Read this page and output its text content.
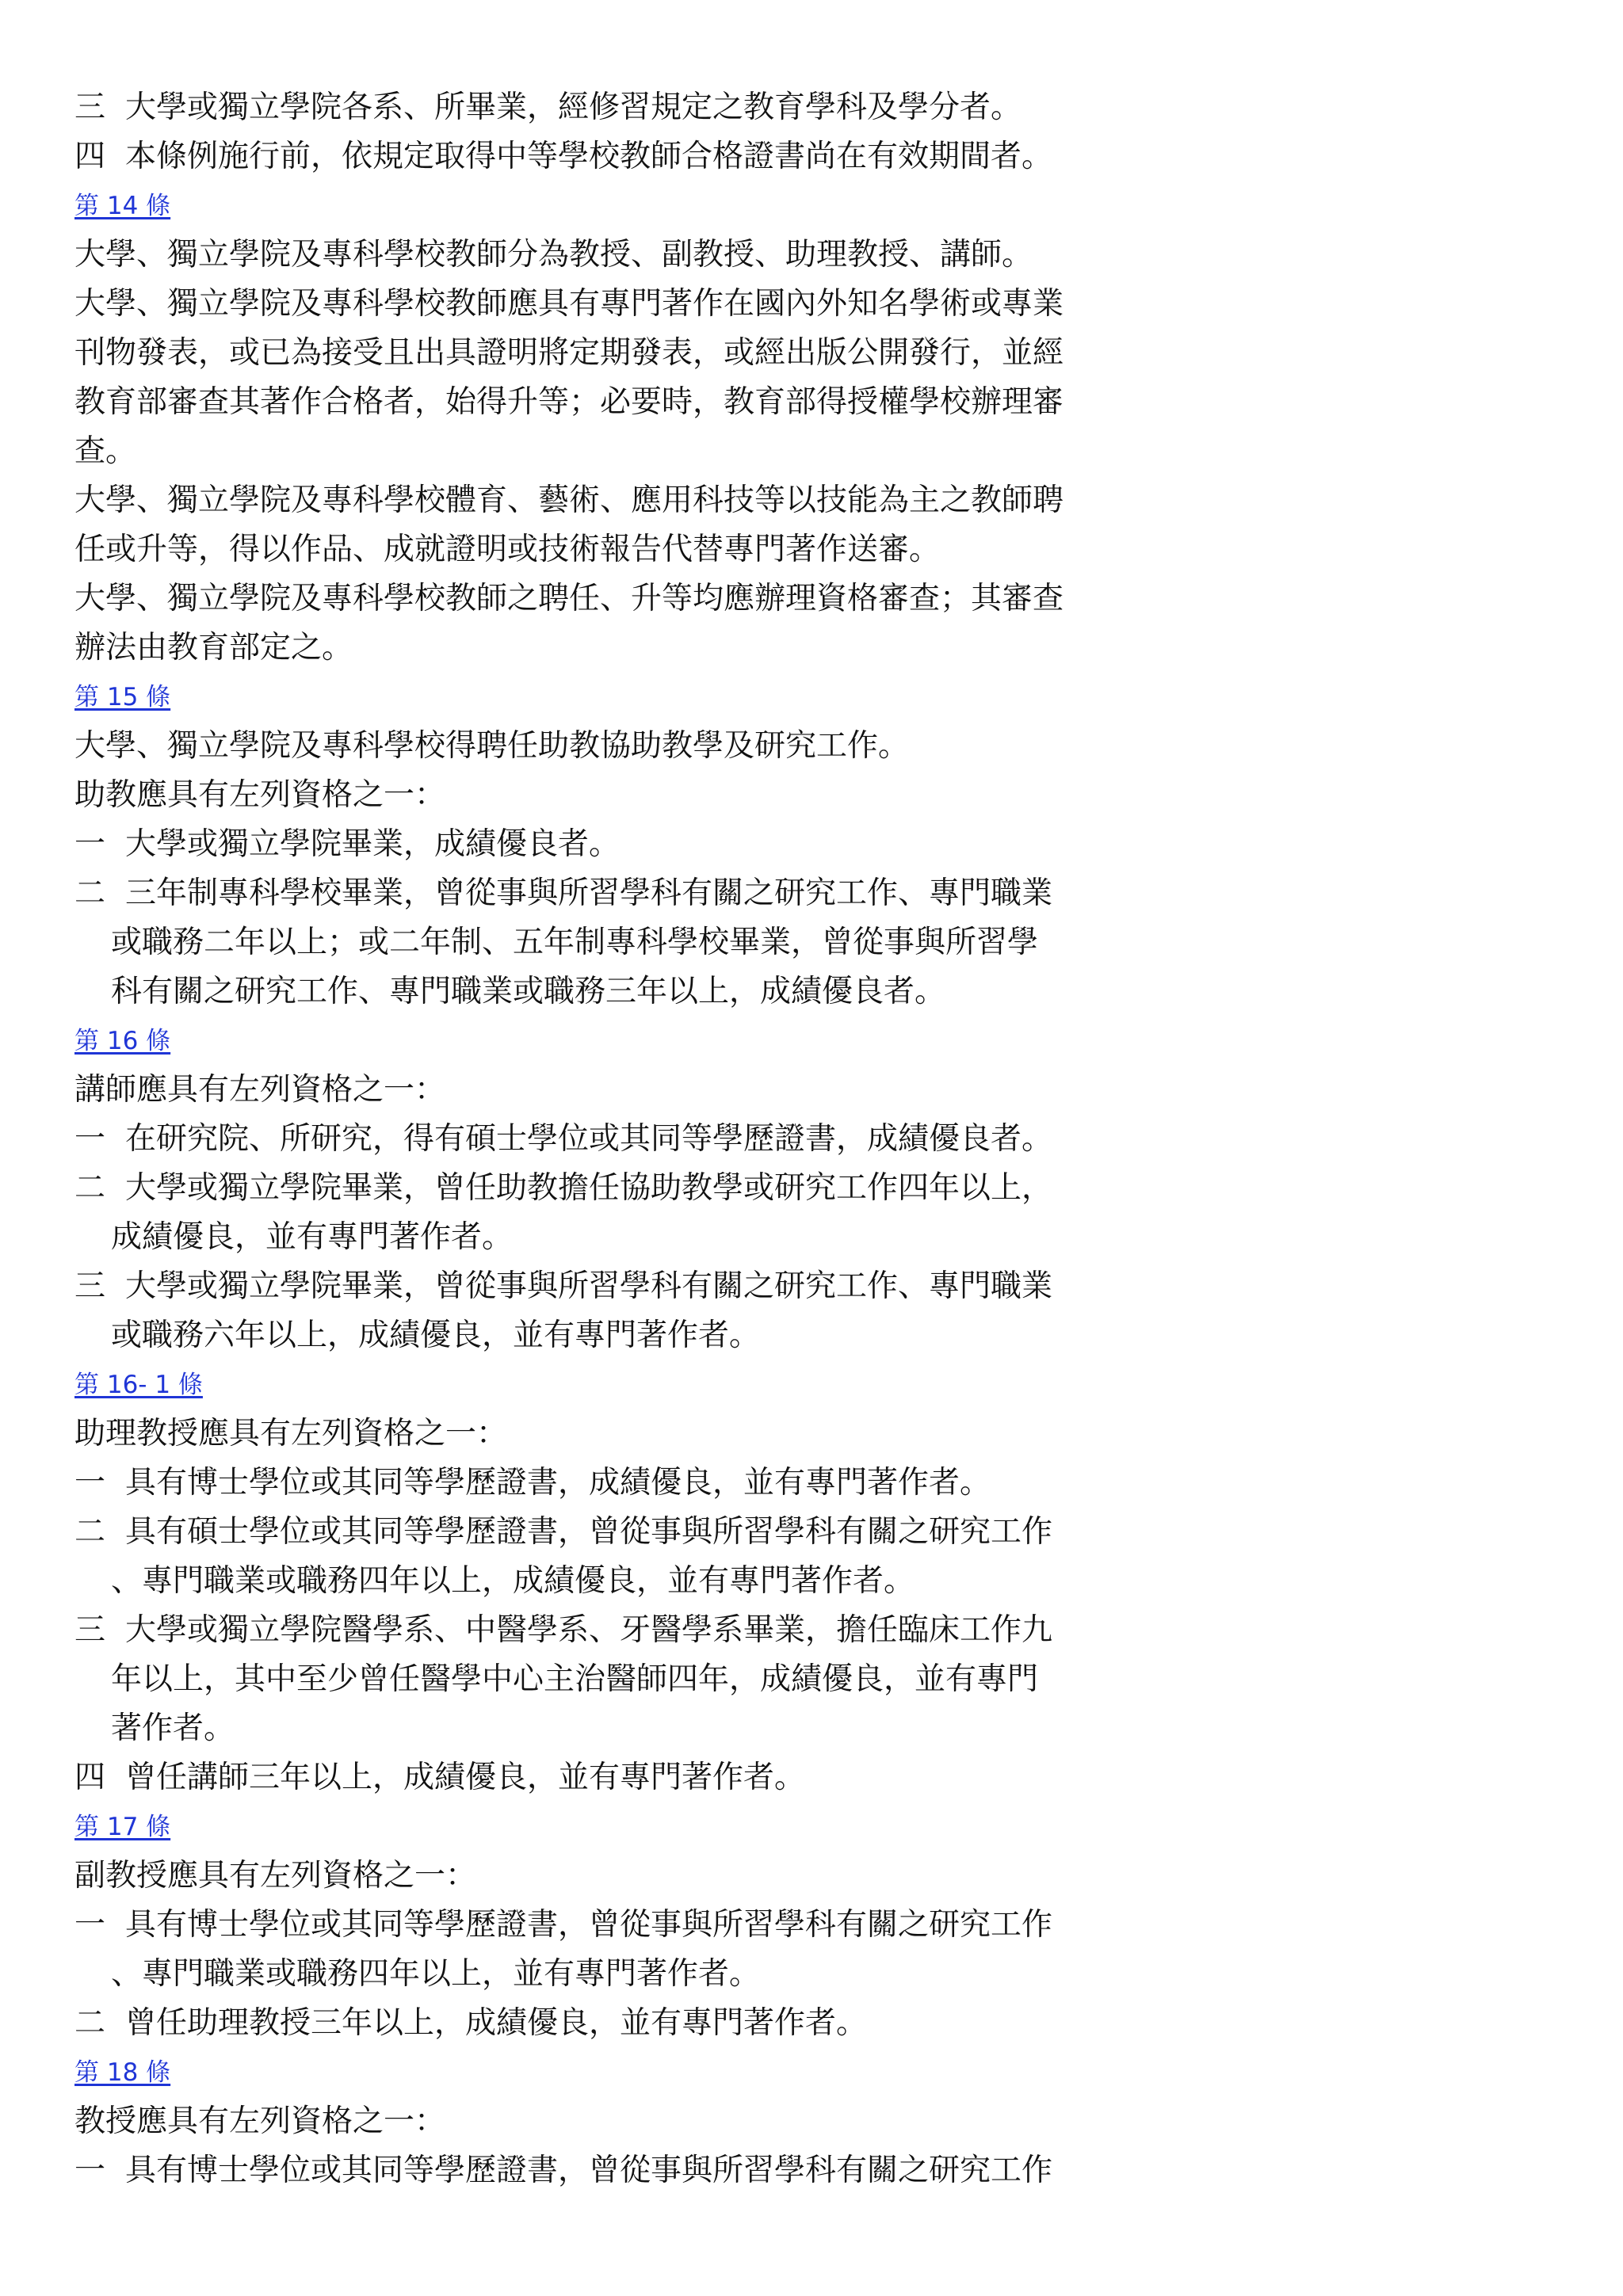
三 大學或獨立學院各系、所畢業，經修習規定之教育學科及學分者。
四 本條例施行前，依規定取得中等學校教師合格證書尚在有效期間者。
第 14 條
大學、獨立學院及專科學校教師分為教授、副教授、助理教授、講師。
大學、獨立學院及專科學校教師應具有專門著作在國內外知名學術或專業
刊物發表，或已為接受且出具證明將定期發表，或經出版公開發行，並經
教育部審查其著作合格者，始得升等；必要時，教育部得授權學校辦理審
查。
大學、獨立學院及專科學校體育、藝術、應用科技等以技能為主之教師聘
任或升等，得以作品、成就證明或技術報告代替專門著作送審。
大學、獨立學院及專科學校教師之聘任、升等均應辦理資格審查；其審查
辦法由教育部定之。
第 15 條
大學、獨立學院及專科學校得聘任助教協助教學及研究工作。
助教應具有左列資格之一：
一 大學或獨立學院畢業，成績優良者。
二 三年制專科學校畢業，曾從事與所習學科有關之研究工作、專門職業
或職務二年以上；或二年制、五年制專科學校畢業，曾從事與所習學
科有關之研究工作、專門職業或職務三年以上，成績優良者。
第 16 條
講師應具有左列資格之一：
一 在研究院、所研究，得有碩士學位或其同等學歷證書，成績優良者。
二 大學或獨立學院畢業，曾任助教擔任協助教學或研究工作四年以上，
成績優良，並有專門著作者。
三 大學或獨立學院畢業，曾從事與所習學科有關之研究工作、專門職業
或職務六年以上，成績優良，並有專門著作者。
第 16- 1 條
助理教授應具有左列資格之一：
一 具有博士學位或其同等學歷證書，成績優良，並有專門著作者。
二 具有碩士學位或其同等學歷證書，曾從事與所習學科有關之研究工作
、專門職業或職務四年以上，成績優良，並有專門著作者。
三 大學或獨立學院醫學系、中醫學系、牙醫學系畢業，擔任臨床工作九
年以上，其中至少曾任醫學中心主治醫師四年，成績優良，並有專門
著作者。
四 曾任講師三年以上，成績優良，並有專門著作者。
第 17 條
副教授應具有左列資格之一：
一 具有博士學位或其同等學歷證書，曾從事與所習學科有關之研究工作
、專門職業或職務四年以上，並有專門著作者。
二 曾任助理教授三年以上，成績優良，並有專門著作者。
第 18 條
教授應具有左列資格之一：
一 具有博士學位或其同等學歷證書，曾從事與所習學科有關之研究工作
